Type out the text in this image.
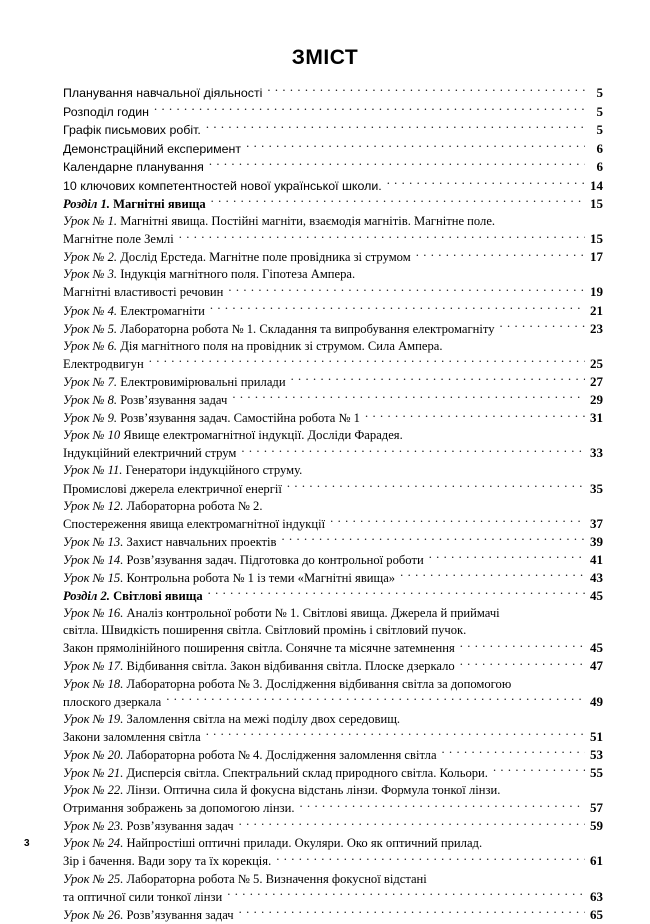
ЗМІСТ
Планування навчальної діяльності . . .	5
Розподіл годин . . .	5
Графік письмових робіт. . . .	5
Демонстраційний експеримент . . .	6
Календарне планування . . .	6
10 ключових компетентностей нової української школи. . . .	14
Розділ 1. Магнітні явища . . .	15
Урок № 1. Магнітні явища. Постійні магніти, взаємодія магнітів. Магнітне поле.
Магнітне поле Землі . . .	15
Урок № 2. Дослід Ерстеда. Магнітне поле провідника зі струмом . . .	17
Урок № 3. Індукція магнітного поля. Гіпотеза Ампера.
Магнітні властивості речовин . . .	19
Урок № 4. Електромагніти . . .	21
Урок № 5. Лабораторна робота № 1. Складання та випробування електромагніту . . .	23
Урок № 6. Дія магнітного поля на провідник зі струмом. Сила Ампера.
Електродвигун . . .	25
Урок № 7. Електровимірювальні прилади . . .	27
Урок № 8. Розв’язування задач . . .	29
Урок № 9. Розв’язування задач. Самостійна робота № 1 . . .	31
Урок № 10 Явище електромагнітної індукції. Досліди Фарадея.
Індукційний електричний струм . . .	33
Урок № 11. Генератори індукційного струму.
Промислові джерела електричної енергії . . .	35
Урок № 12. Лабораторна робота № 2.
Спостереження явища електромагнітної індукції . . .	37
Урок № 13. Захист навчальних проектів . . .	39
Урок № 14. Розв’язування задач. Підготовка до контрольної роботи . . .	41
Урок № 15. Контрольна робота № 1 із теми «Магнітні явища» . . .	43
Розділ 2. Світлові явища . . .	45
Урок № 16. Аналіз контрольної роботи № 1. Світлові явища. Джерела й приймачі
світла. Швидкість поширення світла. Світловий промінь і світловий пучок.
Закон прямолінійного поширення світла. Сонячне та місячне затемнення . . .	45
Урок № 17. Відбивання світла. Закон відбивання світла. Плоске дзеркало . . .	47
Урок № 18. Лабораторна робота № 3. Дослідження відбивання світла за допомогою
плоского дзеркала . . .	49
Урок № 19. Заломлення світла на межі поділу двох середовищ.
Закони заломлення світла . . .	51
Урок № 20. Лабораторна робота № 4. Дослідження заломлення світла . . .	53
Урок № 21. Дисперсія світла. Спектральний склад природного світла. Кольори. . . .	55
Урок № 22. Лінзи. Оптична сила й фокусна відстань лінзи. Формула тонкої лінзи.
Отримання зображень за допомогою лінзи. . . .	57
Урок № 23. Розв’язування задач . . .	59
Урок № 24. Найпростіші оптичні прилади. Окуляри. Око як оптичний прилад.
Зір і бачення. Вади зору та їх корекція. . . .	61
Урок № 25. Лабораторна робота № 5. Визначення фокусної відстані
та оптичної сили тонкої лінзи . . .	63
Урок № 26. Розв’язування задач . . .	65
3
